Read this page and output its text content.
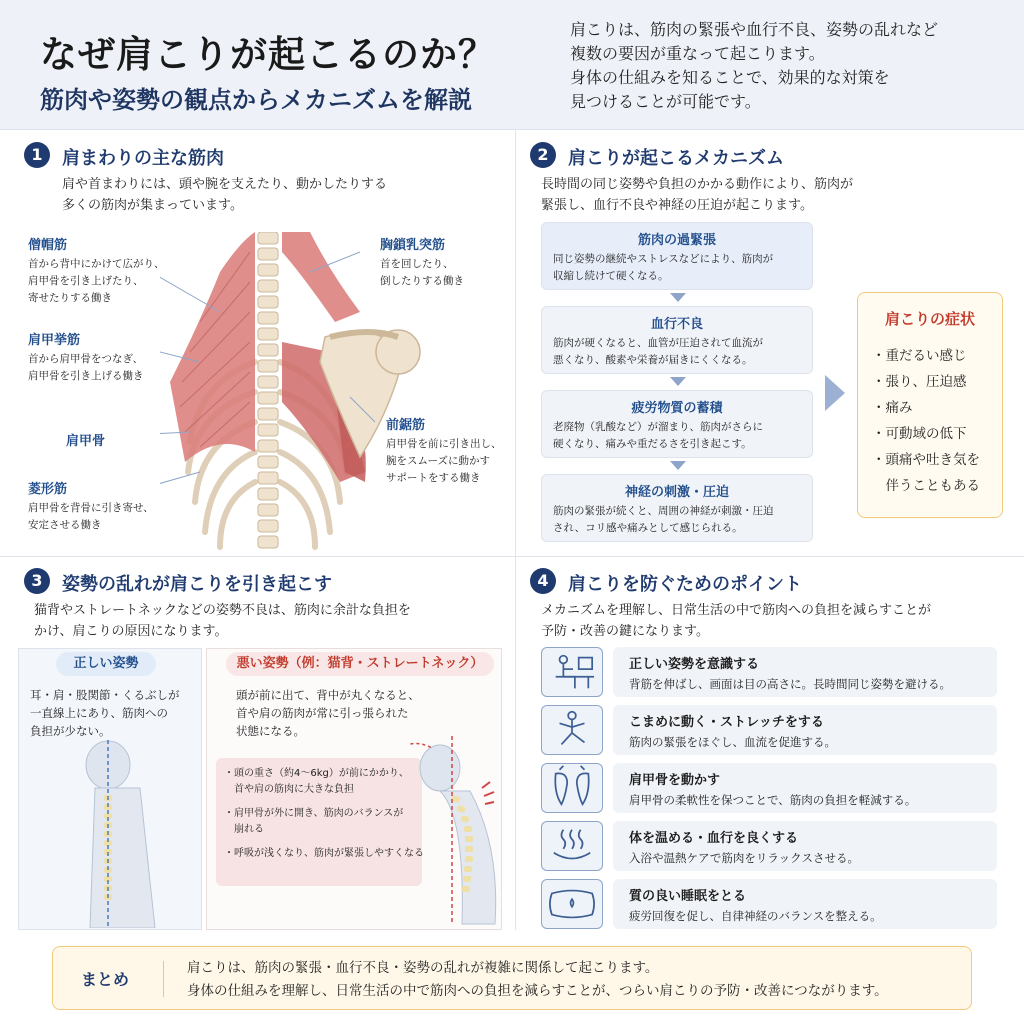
なぜ肩こりが起こるのか？
筋肉や姿勢の観点からメカニズムを解説
肩こりは、筋肉の緊張や血行不良、姿勢の乱れなど
複数の要因が重なって起こります。
身体の仕組みを知ることで、効果的な対策を
見つけることが可能です。
1	肩まわりの主な筋肉
肩や首まわりには、頭や腕を支えたり、動かしたりする
多くの筋肉が集まっています。
僧帽筋
首から背中にかけて広がり、
肩甲骨を引き上げたり、
寄せたりする働き
肩甲挙筋
首から肩甲骨をつなぎ、
肩甲骨を引き上げる働き
肩甲骨
菱形筋
肩甲骨を背骨に引き寄せ、
安定させる働き
胸鎖乳突筋
首を回したり、
倒したりする働き
前鋸筋
肩甲骨を前に引き出し、
腕をスムーズに動かす
サポートをする働き
2	肩こりが起こるメカニズム
長時間の同じ姿勢や負担のかかる動作により、筋肉が
緊張し、血行不良や神経の圧迫が起こります。
筋肉の過緊張
同じ姿勢の継続やストレスなどにより、筋肉が
収縮し続けて硬くなる。
血行不良
筋肉が硬くなると、血管が圧迫されて血流が
悪くなり、酸素や栄養が届きにくくなる。
疲労物質の蓄積
老廃物（乳酸など）が溜まり、筋肉がさらに
硬くなり、痛みや重だるさを引き起こす。
神経の刺激・圧迫
筋肉の緊張が続くと、周囲の神経が刺激・圧迫
され、コリ感や痛みとして感じられる。
肩こりの症状
・重だるい感じ
・張り、圧迫感
・痛み
・可動域の低下
・頭痛や吐き気を
　伴うこともある
3	姿勢の乱れが肩こりを引き起こす
猫背やストレートネックなどの姿勢不良は、筋肉に余計な負担を
かけ、肩こりの原因になります。
正しい姿勢	悪い姿勢（例：猫背・ストレートネック）
耳・肩・股関節・くるぶしが
一直線上にあり、筋肉への
負担が少ない。
頭が前に出て、背中が丸くなると、
首や肩の筋肉が常に引っ張られた
状態になる。
・頭の重さ（約4〜6kg）が前にかかり、
　首や肩の筋肉に大きな負担
・肩甲骨が外に開き、筋肉のバランスが
　崩れる
・呼吸が浅くなり、筋肉が緊張しやすくなる
4	肩こりを防ぐためのポイント
メカニズムを理解し、日常生活の中で筋肉への負担を減らすことが
予防・改善の鍵になります。
正しい姿勢を意識する
背筋を伸ばし、画面は目の高さに。長時間同じ姿勢を避ける。
こまめに動く・ストレッチをする
筋肉の緊張をほぐし、血流を促進する。
肩甲骨を動かす
肩甲骨の柔軟性を保つことで、筋肉の負担を軽減する。
体を温める・血行を良くする
入浴や温熱ケアで筋肉をリラックスさせる。
質の良い睡眠をとる
疲労回復を促し、自律神経のバランスを整える。
まとめ
肩こりは、筋肉の緊張・血行不良・姿勢の乱れが複雑に関係して起こります。
身体の仕組みを理解し、日常生活の中で筋肉への負担を減らすことが、つらい肩こりの予防・改善につながります。
